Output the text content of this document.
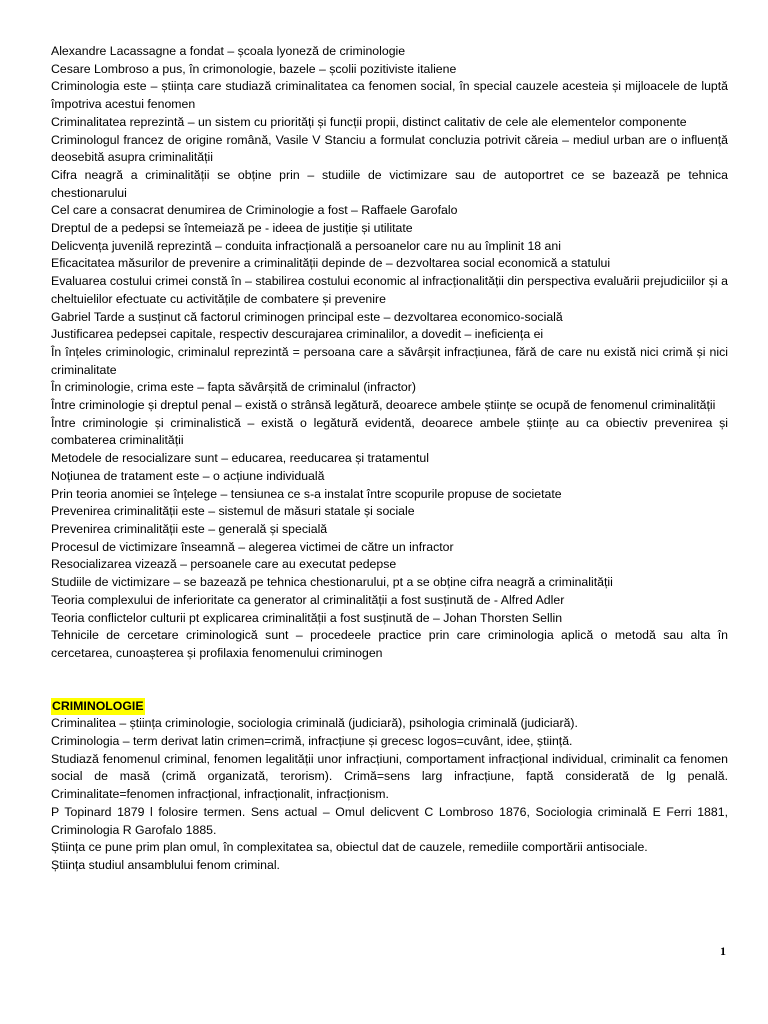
Alexandre Lacassagne a fondat – școala lyoneză de criminologie

Cesare Lombroso a pus, în crimonologie, bazele – școlii pozitiviste italiene

Criminologia este – știința care studiază criminalitatea ca fenomen social, în special cauzele acesteia și mijloacele de luptă împotriva acestui fenomen

Criminalitatea reprezintă – un sistem cu priorități și funcții propii, distinct calitativ de cele ale elementelor componente

Criminologul francez de origine română, Vasile V Stanciu a formulat concluzia potrivit căreia – mediul urban are o influență deosebită asupra criminalității

Cifra neagră a criminalității se obține prin – studiile de victimizare sau de autoportret ce se bazează pe tehnica chestionarului

Cel care a consacrat denumirea de Criminologie a fost – Raffaele Garofalo

Dreptul de a pedepsi se întemeiază pe - ideea de justiție și utilitate

Delicvența juvenilă reprezintă – conduita infracțională a persoanelor care nu au împlinit 18 ani

Eficacitatea măsurilor de prevenire a criminalității depinde de – dezvoltarea social economică a statului

Evaluarea costului crimei constă în – stabilirea costului economic al infracționalității din perspectiva evaluării prejudiciilor și a cheltuielilor efectuate cu activitățile de combatere și prevenire

Gabriel Tarde a susținut că factorul criminogen principal este – dezvoltarea economico-socială

Justificarea pedepsei capitale, respectiv descurajarea criminalilor, a dovedit – ineficiența ei

În înțeles criminologic, criminalul reprezintă = persoana care a săvârșit infracțiunea, fără de care nu există nici crimă și nici criminalitate

În criminologie, crima este – fapta săvârșită de criminalul (infractor)

Între criminologie și dreptul penal – există o strânsă legătură, deoarece ambele științe se ocupă de fenomenul criminalității

Între criminologie și criminalistică – există o legătură evidentă, deoarece ambele științe au ca obiectiv prevenirea și combaterea criminalității

Metodele de resocializare sunt – educarea, reeducarea și tratamentul

Noțiunea de tratament este – o acțiune individuală

Prin teoria anomiei se înțelege – tensiunea ce s-a instalat între scopurile propuse de societate

Prevenirea criminalității este – sistemul de măsuri statale și sociale

Prevenirea criminalității este – generală și specială

Procesul de victimizare înseamnă – alegerea victimei de către un infractor

Resocializarea vizează – persoanele care au executat pedepse

Studiile de victimizare – se bazează pe tehnica chestionarului, pt a se obține cifra neagră a criminalității

Teoria complexului de inferioritate ca generator al criminalității a fost susținută de - Alfred Adler

Teoria conflictelor culturii pt explicarea criminalității a fost susținută de – Johan Thorsten Sellin

Tehnicile de cercetare criminologică sunt – procedeele practice prin care criminologia aplică o metodă sau alta în cercetarea, cunoașterea și profilaxia fenomenului criminogen

CRIMINOLOGIE

Criminalitea – știința criminologie, sociologia criminală (judiciară), psihologia criminală (judiciară).

Criminologia – term derivat latin crimen=crimă, infracțiune și grecesc logos=cuvânt, idee, știință.

Studiază fenomenul criminal, fenomen legalității unor infracțiuni, comportament infracțional individual, criminalit ca fenomen social de masă (crimă organizată, terorism). Crimă=sens larg infracțiune, faptă considerată de lg penală. Criminalitate=fenomen infracțional, infracționalit, infracționism.

P Topinard 1879 l folosire termen. Sens actual – Omul delicvent C Lombroso 1876, Sociologia criminală E Ferri 1881, Criminologia R Garofalo 1885.

Știința ce pune prim plan omul, în complexitatea sa, obiectul dat de cauzele, remediile comportării antisociale.

Știința studiul ansamblului fenom criminal.

1
